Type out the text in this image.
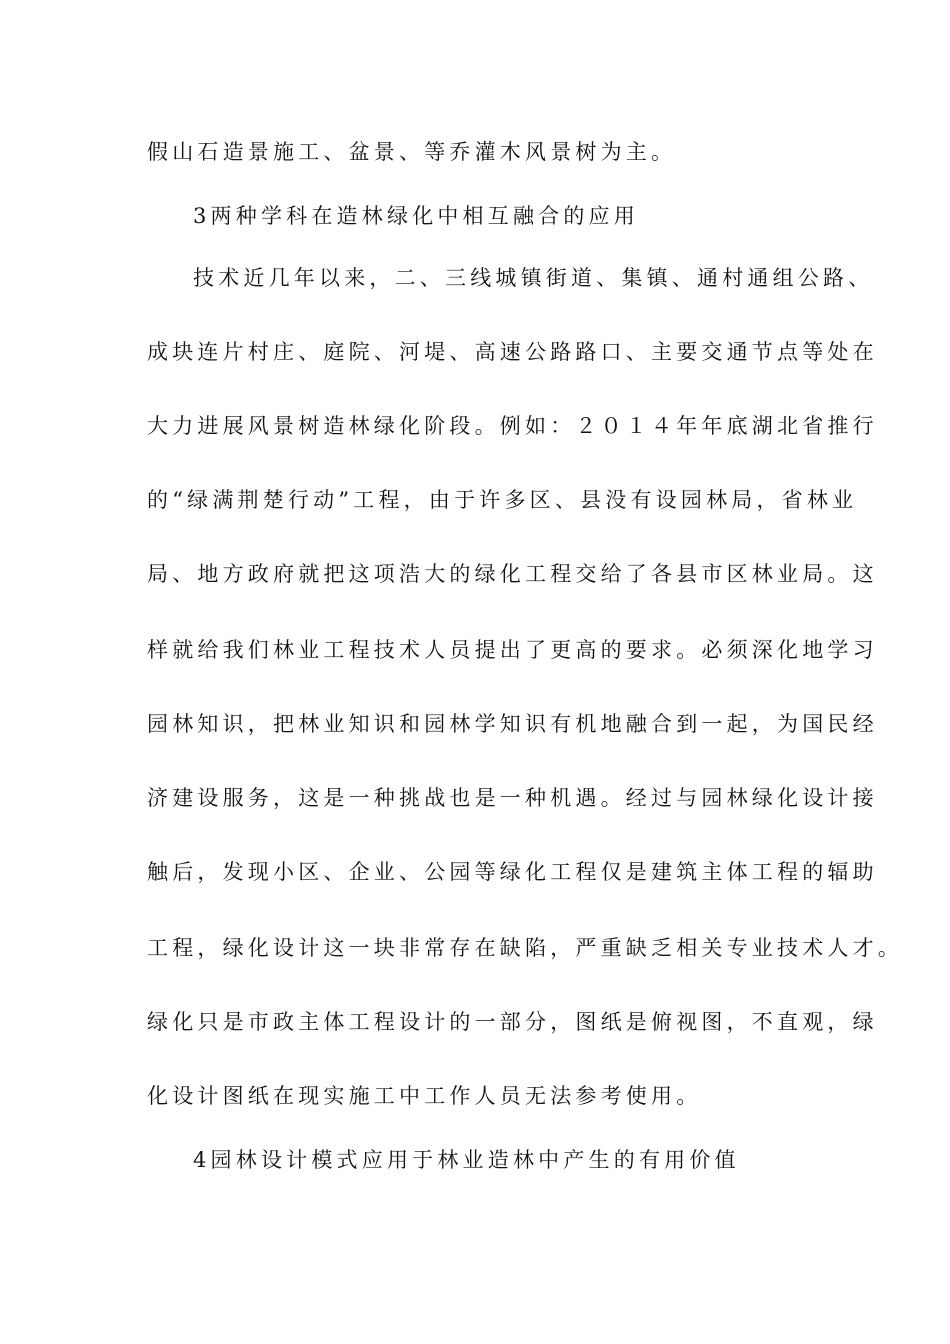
假山石造景施工、盆景、等乔灌木风景树为主。
3两种学科在造林绿化中相互融合的应用
技术近几年以来，二、三线城镇街道、集镇、通村通组公路、
成块连片村庄、庭院、河堤、高速公路路口、主要交通节点等处在
大力进展风景树造林绿化阶段。例如：２０１４年年底湖北省推行
的“绿满荆楚行动”工程，由于许多区、县没有设园林局，省林业
局、地方政府就把这项浩大的绿化工程交给了各县市区林业局。这
样就给我们林业工程技术人员提出了更高的要求。必须深化地学习
园林知识，把林业知识和园林学知识有机地融合到一起，为国民经
济建设服务，这是一种挑战也是一种机遇。经过与园林绿化设计接
触后，发现小区、企业、公园等绿化工程仅是建筑主体工程的辐助
工程，绿化设计这一块非常存在缺陷，严重缺乏相关专业技术人才。
绿化只是市政主体工程设计的一部分，图纸是俯视图，不直观，绿
化设计图纸在现实施工中工作人员无法参考使用。
4园林设计模式应用于林业造林中产生的有用价值
